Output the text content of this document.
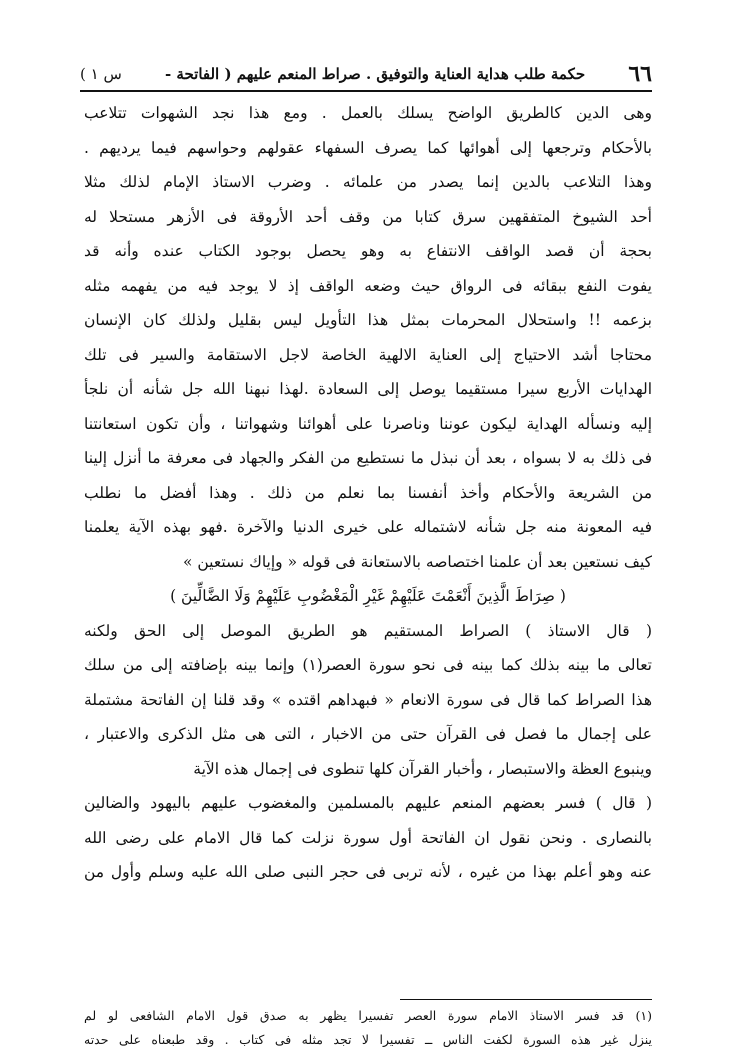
٦٦
حكمة طلب هداية العناية والتوفيق . صراط المنعم عليهم ( الفاتحة ‐
س ١ )
وهى الدين كالطريق الواضح يسلك بالعمل . ومع هذا نجد الشهوات تتلاعب
بالأحكام وترجعها إلى أهوائها كما يصرف السفهاء عقولهم وحواسهم فيما يرديهم .
وهذا التلاعب بالدين إنما يصدر من علمائه . وضرب الاستاذ الإمام لذلك مثلا
أحد الشيوخ المتفقهين سرق كتابا من وقف أحد الأروقة فى الأزهر مستحلا له
بحجة أن قصد الواقف الانتفاع به وهو يحصل بوجود الكتاب عنده وأنه قد
يفوت النفع ببقائه فى الرواق حيث وضعه الواقف إذ لا يوجد فيه من يفهمه مثله
بزعمه !! واستحلال المحرمات بمثل هذا التأويل ليس بقليل ولذلك كان الإنسان
محتاجا أشد الاحتياج إلى العناية الالهية الخاصة لاجل الاستقامة والسير فى تلك
الهدايات الأربع سيرا مستقيما يوصل إلى السعادة .لهذا نبهنا الله جل شأنه أن نلجأ
إليه ونسأله الهداية ليكون عوننا وناصرنا على أهوائنا وشهواتنا ، وأن تكون استعانتنا
فى ذلك به لا بسواه ، بعد أن نبذل ما نستطيع من الفكر والجهاد فى معرفة ما أنزل إلينا
من الشريعة والأحكام وأخذ أنفسنا بما نعلم من ذلك . وهذا أفضل ما نطلب
فيه المعونة منه جل شأنه لاشتماله على خيرى الدنيا والآخرة .فهو بهذه الآية يعلمنا
كيف نستعين بعد أن علمنا اختصاصه بالاستعانة فى قوله « وإياك نستعين »
( صِرَاطَ الَّذِينَ أَنْعَمْتَ عَلَيْهِمْ غَيْرِ الْمَغْضُوبِ عَلَيْهِمْ وَلَا الضَّالِّينَ )
( قال الاستاذ ) الصراط المستقيم هو الطريق الموصل إلى الحق ولكنه
تعالى ما بينه بذلك كما بينه فى نحو سورة العصر(١) وإنما بينه بإضافته إلى من سلك
هذا الصراط كما قال فى سورة الانعام « فبهداهم اقتده » وقد قلنا إن الفاتحة مشتملة
على إجمال ما فصل فى القرآن حتى من الاخبار ، التى هى مثل الذكرى والاعتبار ،
وينبوع العظة والاستبصار ، وأخبار القرآن كلها تنطوى فى إجمال هذه الآية
( قال ) فسر بعضهم المنعم عليهم بالمسلمين والمغضوب عليهم باليهود والضالين
بالنصارى . ونحن نقول ان الفاتحة أول سورة نزلت كما قال الامام على رضى الله
عنه وهو أعلم بهذا من غيره ، لأنه تربى فى حجر النبى صلى الله عليه وسلم وأول من
(١) قد فسر الاستاذ الامام سورة العصر تفسيرا يظهر به صدق قول الامام الشافعى لو لم
ينزل غير هذه السورة لكفت الناس ــ تفسيرا لا تجد مثله فى كتاب . وقد طبعناه على حدته
